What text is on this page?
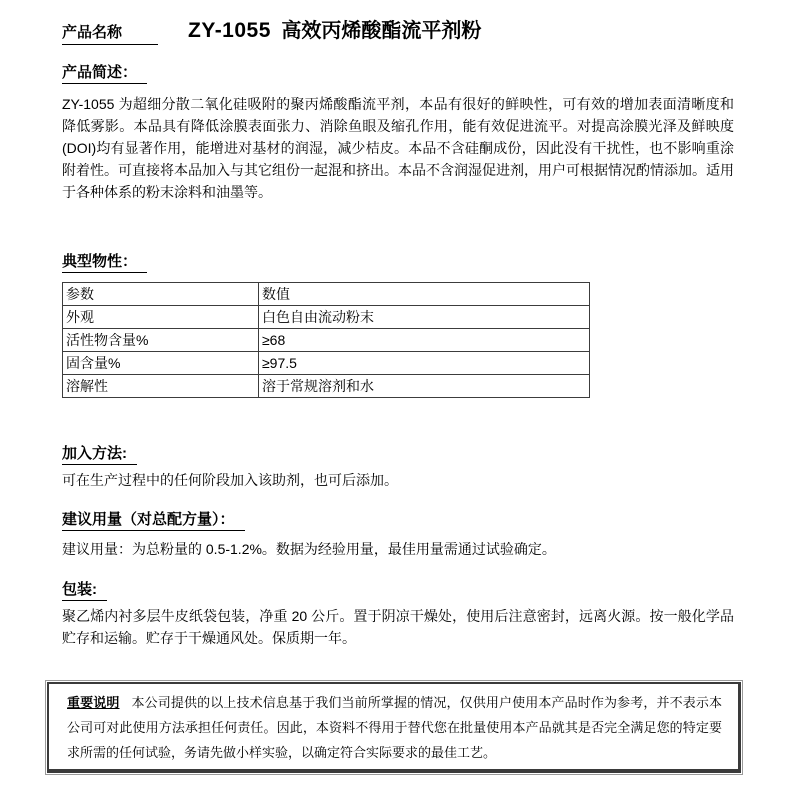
产品名称	ZY-1055 高效丙烯酸酯流平剂粉
产品简述：
ZY-1055 为超细分散二氧化硅吸附的聚丙烯酸酯流平剂，本品有很好的鲜映性，可有效的增加表面清晰度和降低雾影。本品具有降低涂膜表面张力、消除鱼眼及缩孔作用，能有效促进流平。对提高涂膜光泽及鲜映度(DOI)均有显著作用，能增进对基材的润湿，减少桔皮。本品不含硅酮成份，因此没有干扰性，也不影响重涂附着性。可直接将本品加入与其它组份一起混和挤出。本品不含润湿促进剂，用户可根据情况酌情添加。适用于各种体系的粉末涂料和油墨等。
典型物性：
参数	数值
外观	白色自由流动粉末
活性物含量%	≥68
固含量%	≥97.5
溶解性	溶于常规溶剂和水
加入方法:
可在生产过程中的任何阶段加入该助剂，也可后添加。
建议用量（对总配方量）：
建议用量：为总粉量的 0.5-1.2%。数据为经验用量，最佳用量需通过试验确定。
包装:
聚乙烯内衬多层牛皮纸袋包装，净重 20 公斤。置于阴凉干燥处，使用后注意密封，远离火源。按一般化学品贮存和运输。贮存于干燥通风处。保质期一年。
重要说明 本公司提供的以上技术信息基于我们当前所掌握的情况，仅供用户使用本产品时作为参考，并不表示本公司可对此使用方法承担任何责任。因此，本资料不得用于替代您在批量使用本产品就其是否完全满足您的特定要求所需的任何试验，务请先做小样实验，以确定符合实际要求的最佳工艺。
